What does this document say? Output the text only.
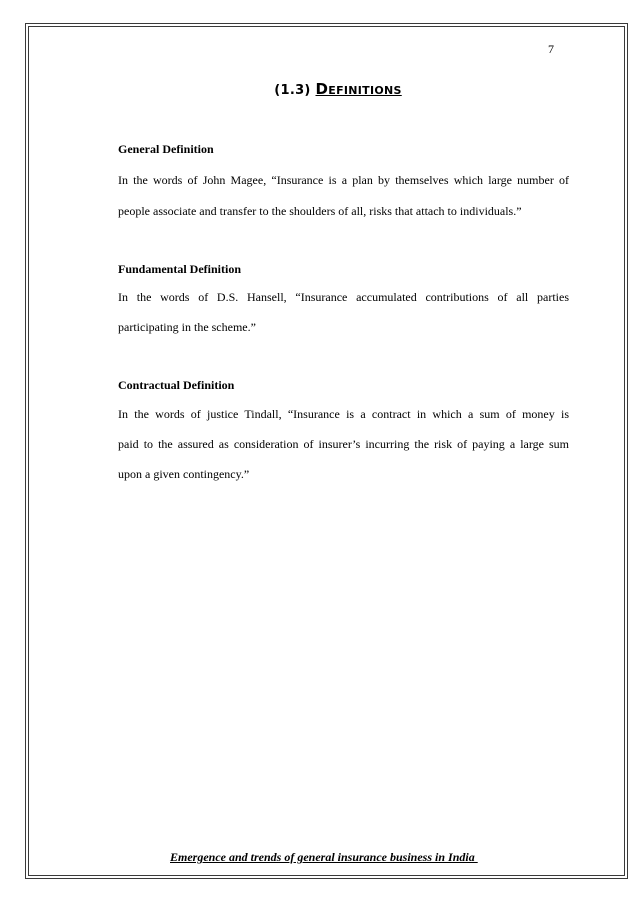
7
(1.3) Definitions
General Definition
In the words of John Magee, “Insurance is a plan by themselves which large number of
people associate and transfer to the shoulders of all, risks that attach to individuals.”
Fundamental Definition
In the words of D.S. Hansell, “Insurance accumulated contributions of all parties
participating in the scheme.”
Contractual Definition
In the words of justice Tindall, “Insurance is a contract in which a sum of money is
paid to the assured as consideration of insurer’s incurring the risk of paying a large sum
upon a given contingency.”
Emergence and trends of general insurance business in India
